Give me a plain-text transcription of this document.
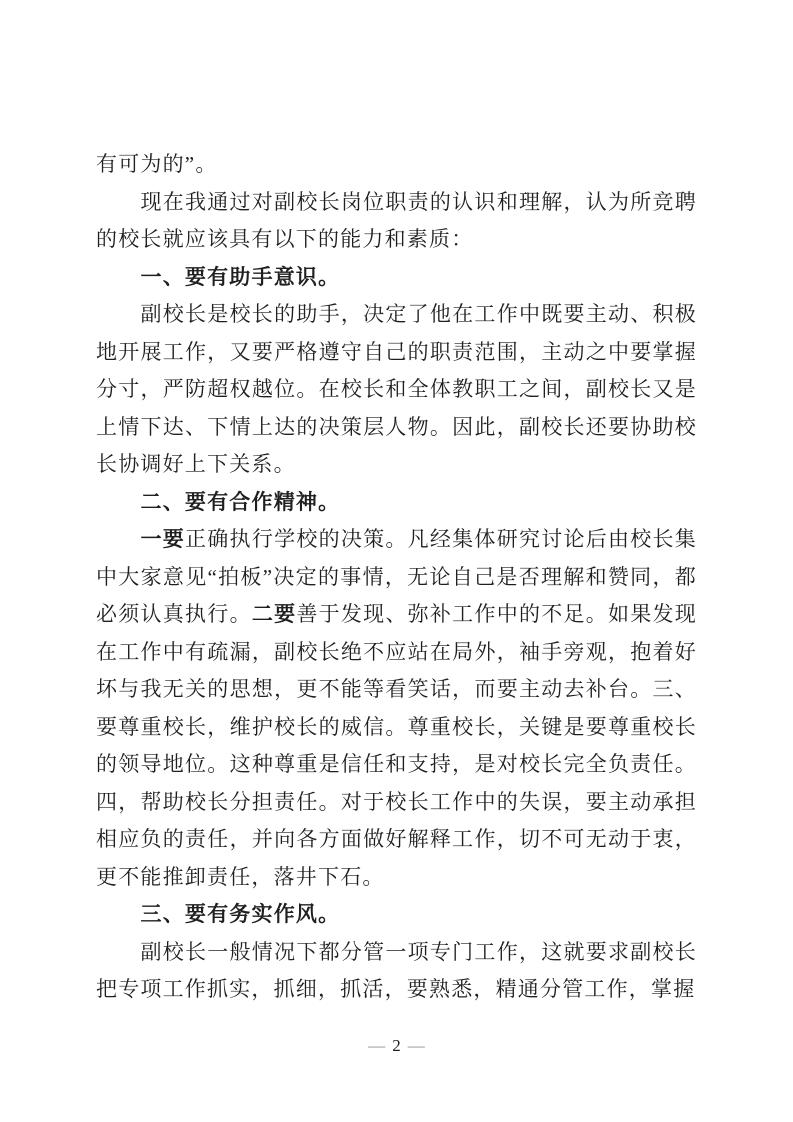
有可为的”。

现在我通过对副校长岗位职责的认识和理解，认为所竞聘的校长就应该具有以下的能力和素质：

一、要有助手意识。

副校长是校长的助手，决定了他在工作中既要主动、积极地开展工作，又要严格遵守自己的职责范围，主动之中要掌握分寸，严防超权越位。在校长和全体教职工之间，副校长又是上情下达、下情上达的决策层人物。因此，副校长还要协助校长协调好上下关系。

二、要有合作精神。

一要正确执行学校的决策。凡经集体研究讨论后由校长集中大家意见“拍板”决定的事情，无论自己是否理解和赞同，都必须认真执行。二要善于发现、弥补工作中的不足。如果发现在工作中有疏漏，副校长绝不应站在局外，袖手旁观，抱着好坏与我无关的思想，更不能等看笑话，而要主动去补台。三、要尊重校长，维护校长的威信。尊重校长，关键是要尊重校长的领导地位。这种尊重是信任和支持，是对校长完全负责任。四，帮助校长分担责任。对于校长工作中的失误，要主动承担相应负的责任，并向各方面做好解释工作，切不可无动于衷，更不能推卸责任，落井下石。

三、要有务实作风。

副校长一般情况下都分管一项专门工作，这就要求副校长把专项工作抓实，抓细，抓活，要熟悉，精通分管工作，掌握

— 2 —
